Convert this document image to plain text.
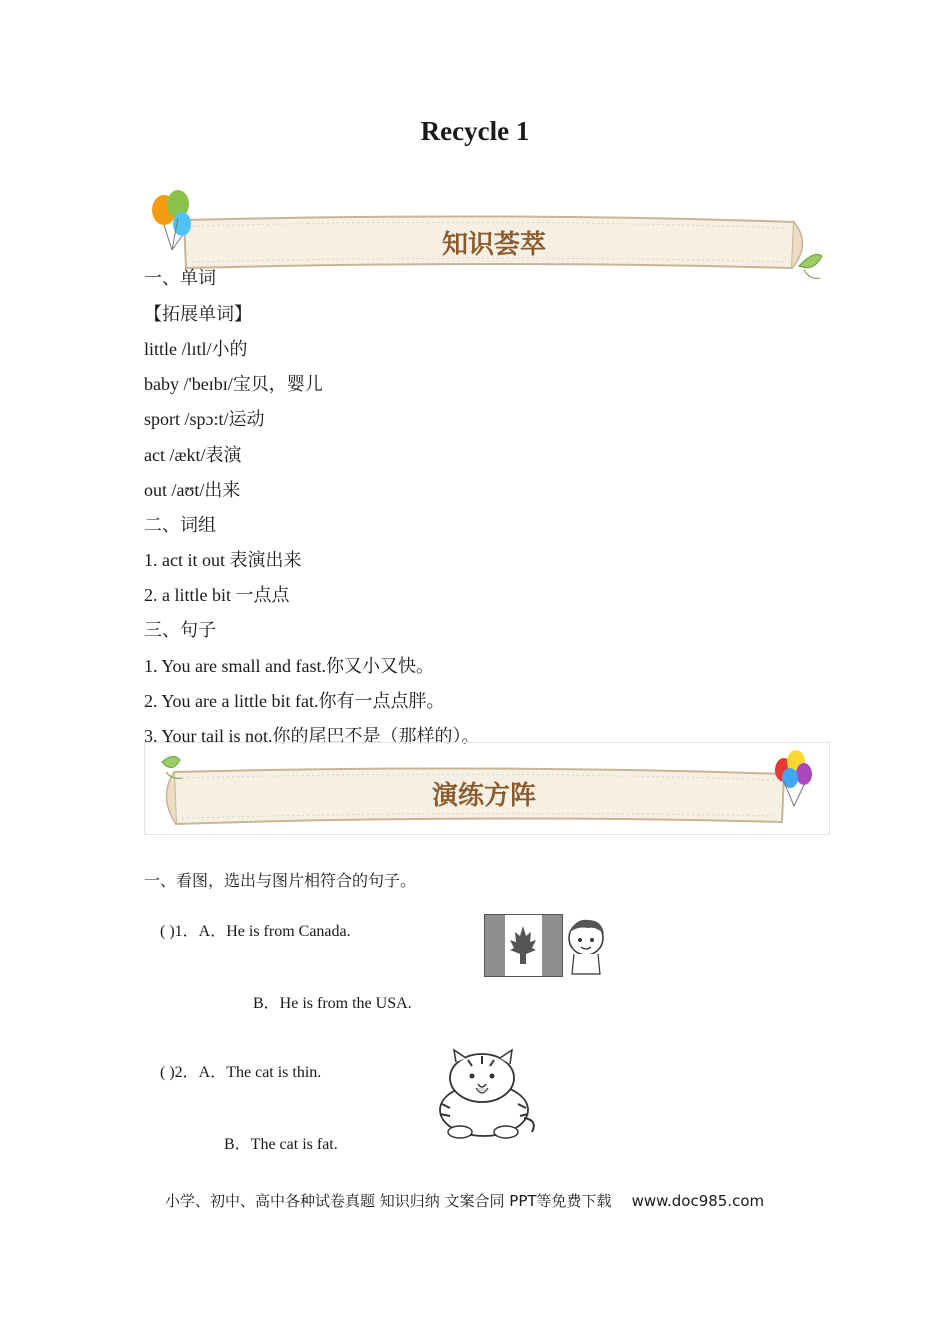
Recycle 1
知识荟萃
一、单词
【拓展单词】
little /lɪtl/小的
baby /'beɪbɪ/宝贝，婴儿
sport /spɔ:t/运动
act /ækt/表演
out /aʊt/出来
二、词组
1. act it out 表演出来
2. a little bit 一点点
三、句子
1. You are small and fast.你又小又快。
2. You are a little bit fat.你有一点点胖。
3. Your tail is not.你的尾巴不是（那样的）。
演练方阵
一、看图，选出与图片相符合的句子。
( )1．A．He is from Canada.
B．He is from the USA.
( )2．A．The cat is thin.
B．The cat is fat.
小学、初中、高中各种试卷真题 知识归纳 文案合同 PPT等免费下载 www.doc985.com
